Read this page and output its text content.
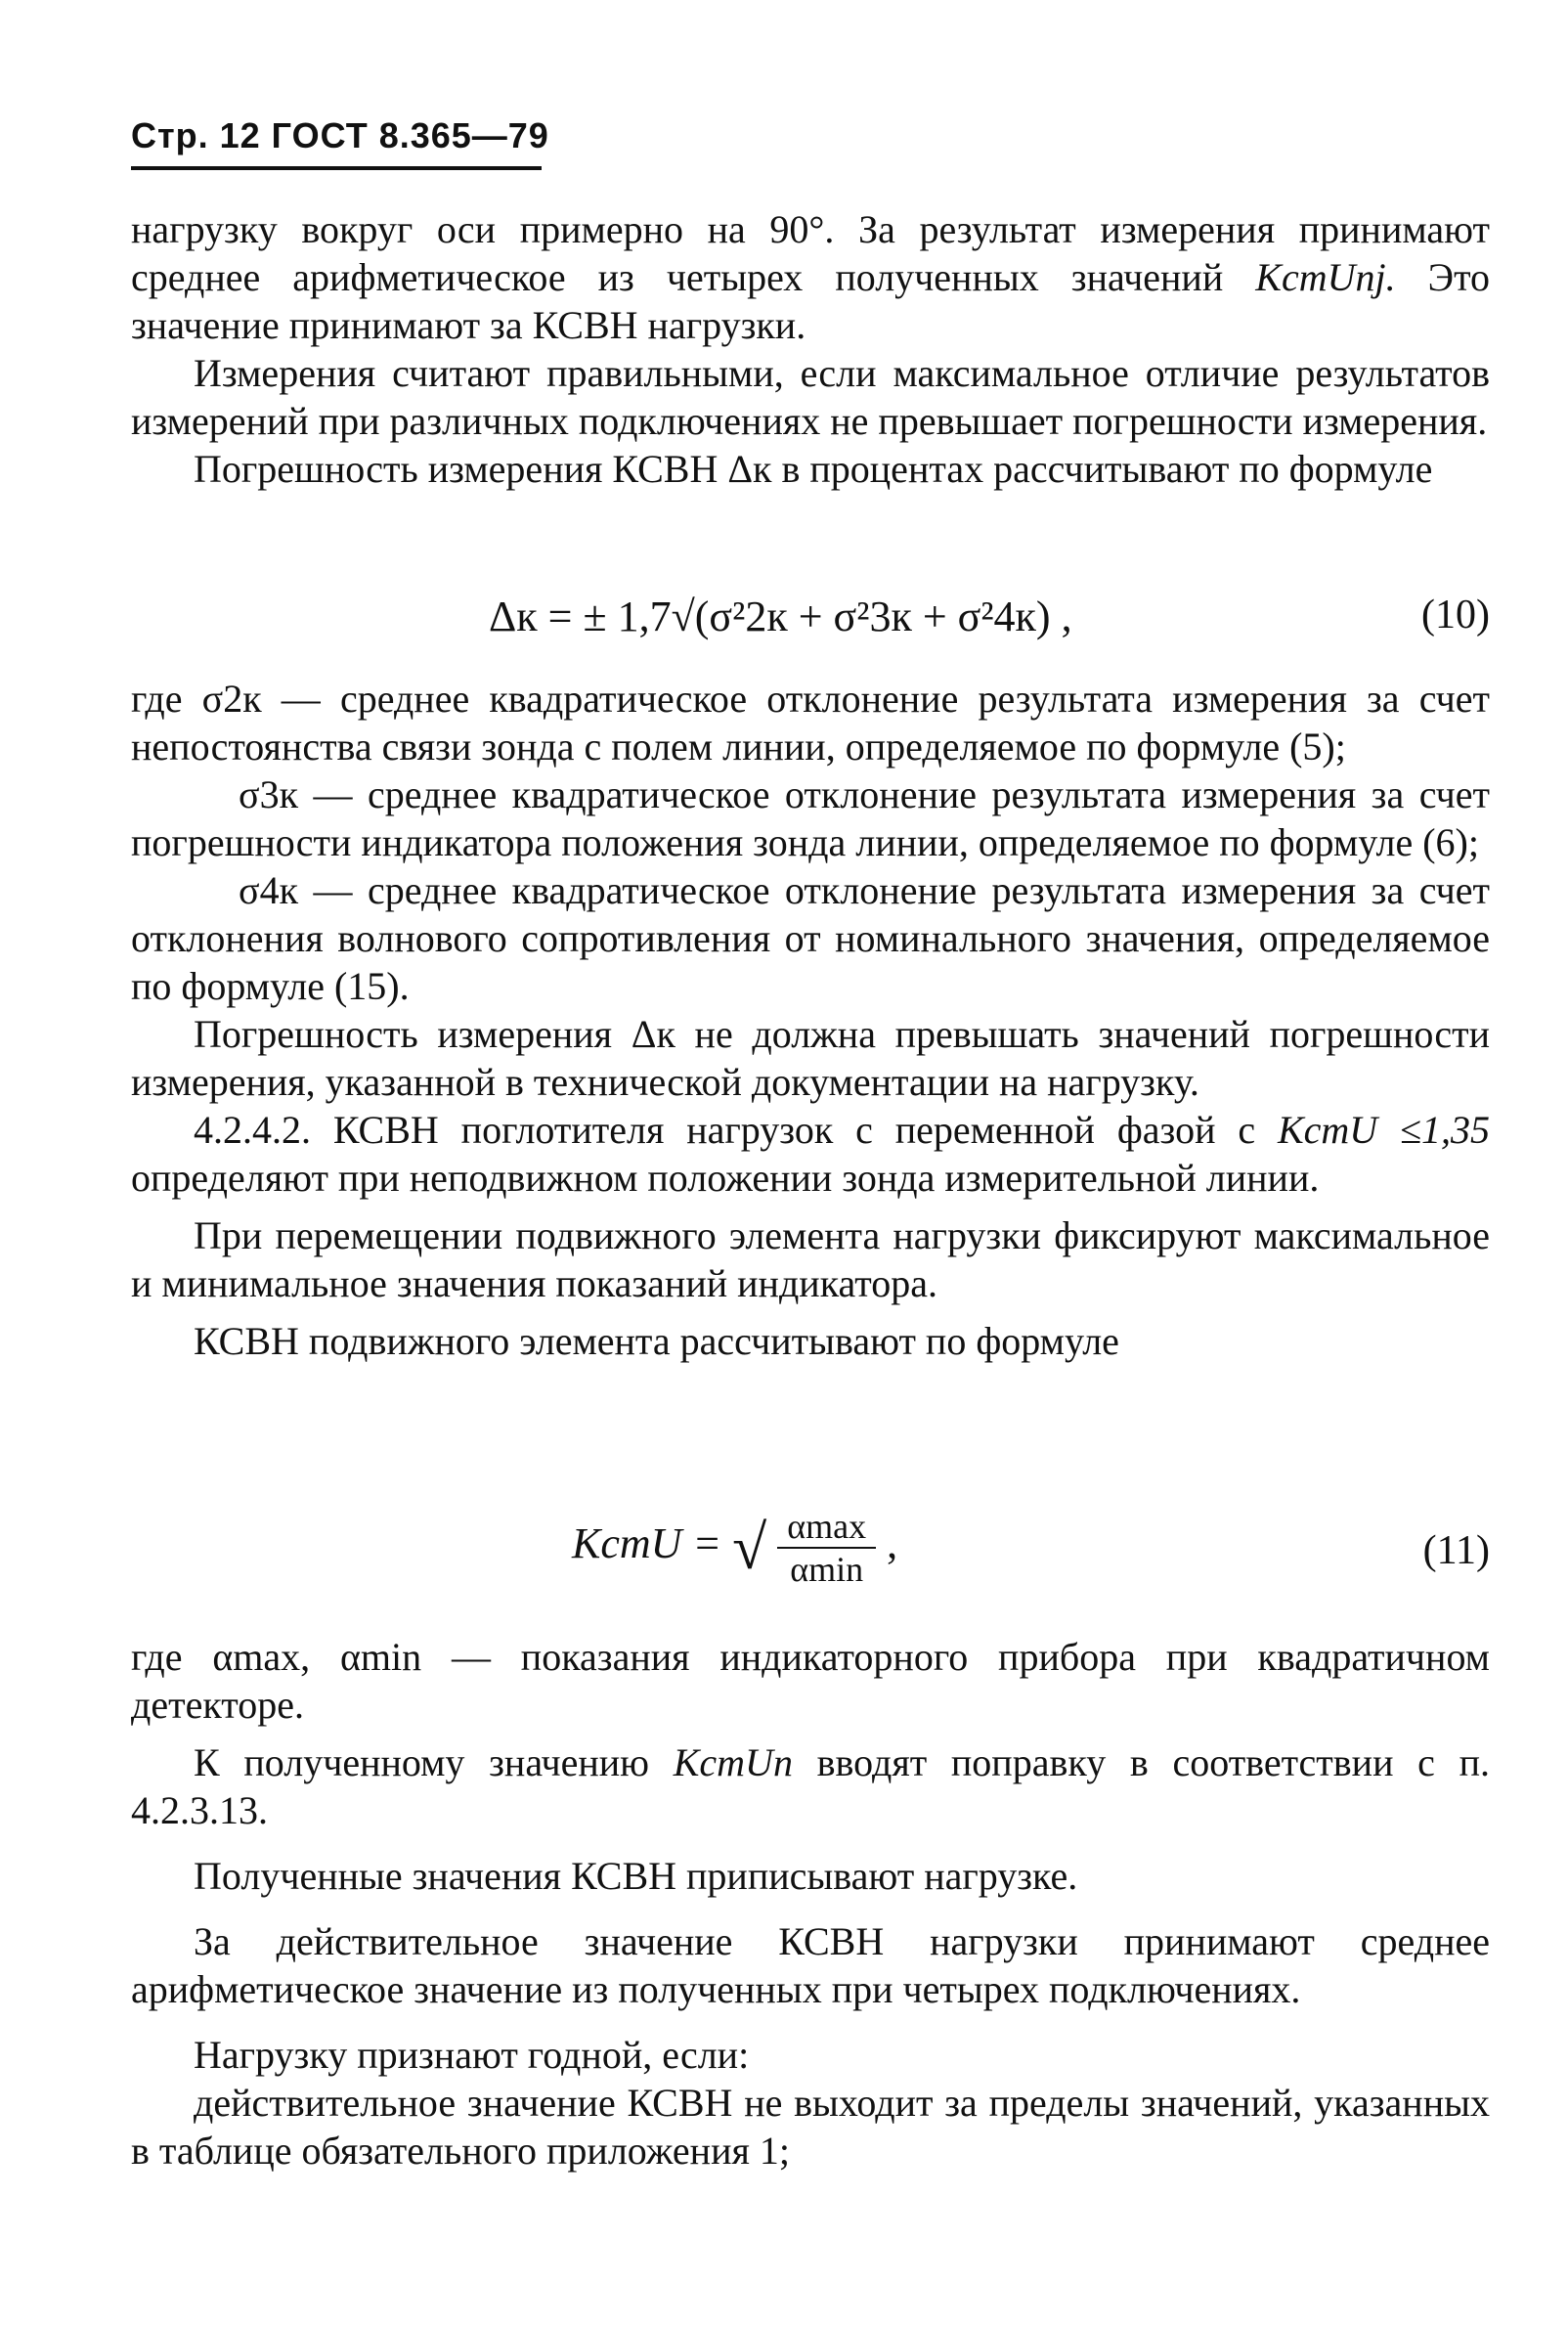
Стр. 12 ГОСТ 8.365—79

нагрузку вокруг оси примерно на 90°. За результат измерения принимают среднее арифметическое из четырех полученных значений KстUпj. Это значение принимают за КСВН нагрузки.

Измерения считают правильными, если максимальное отличие результатов измерений при различных подключениях не превышает погрешности измерения.

Погрешность измерения КСВН Δк в процентах рассчитывают по формуле

Δк = ± 1,7√(σ²2к + σ²3к + σ²4к) ,	(10)

где σ2к — среднее квадратическое отклонение результата измерения за счет непостоянства связи зонда с полем линии, определяемое по формуле (5);

σ3к — среднее квадратическое отклонение результата измерения за счет погрешности индикатора положения зонда линии, определяемое по формуле (6);

σ4к — среднее квадратическое отклонение результата измерения за счет отклонения волнового сопротивления от номинального значения, определяемое по формуле (15).

Погрешность измерения Δк не должна превышать значений погрешности измерения, указанной в технической документации на нагрузку.

4.2.4.2. КСВН поглотителя нагрузок с переменной фазой с KстU ≤1,35 определяют при неподвижном положении зонда измерительной линии.

При перемещении подвижного элемента нагрузки фиксируют максимальное и минимальное значения показаний индикатора.

КСВН подвижного элемента рассчитывают по формуле

KстU = √ $\frac{\alpha\max}{\alpha\min}$ ,	(11)

где αmax, αmin — показания индикаторного прибора при квадратичном детекторе.

К полученному значению KстUп вводят поправку в соответствии с п. 4.2.3.13.

Полученные значения КСВН приписывают нагрузке.

За действительное значение КСВН нагрузки принимают среднее арифметическое значение из полученных при четырех подключениях.

Нагрузку признают годной, если:

действительное значение КСВН не выходит за пределы значений, указанных в таблице обязательного приложения 1;
